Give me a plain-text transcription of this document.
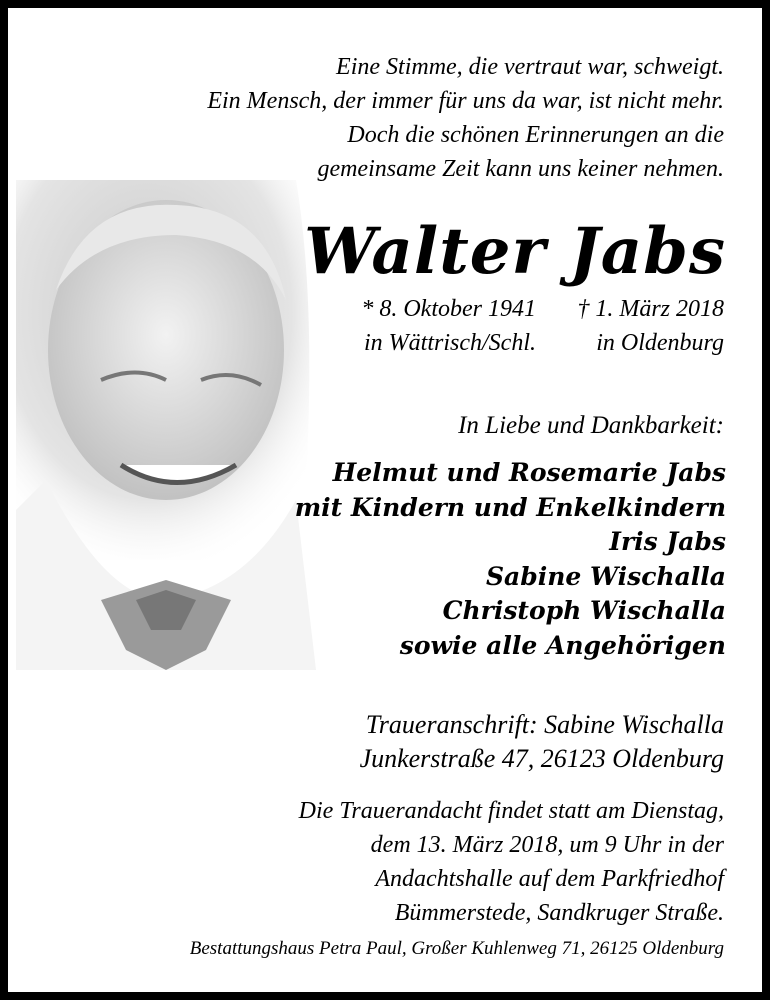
Eine Stimme, die vertraut war, schweigt.
Ein Mensch, der immer für uns da war, ist nicht mehr.
Doch die schönen Erinnerungen an die
gemeinsame Zeit kann uns keiner nehmen.
Walter Jabs
* 8. Oktober 1941 † 1. März 2018
in Wättrisch/Schl.	in Oldenburg
In Liebe und Dankbarkeit:
Helmut und Rosemarie Jabs
mit Kindern und Enkelkindern
Iris Jabs
Sabine Wischalla
Christoph Wischalla
sowie alle Angehörigen
Traueranschrift: Sabine Wischalla
Junkerstraße 47, 26123 Oldenburg
Die Trauerandacht findet statt am Dienstag,
dem 13. März 2018, um 9 Uhr in der
Andachtshalle auf dem Parkfriedhof
Bümmerstede, Sandkruger Straße.
Bestattungshaus Petra Paul, Großer Kuhlenweg 71, 26125 Oldenburg
